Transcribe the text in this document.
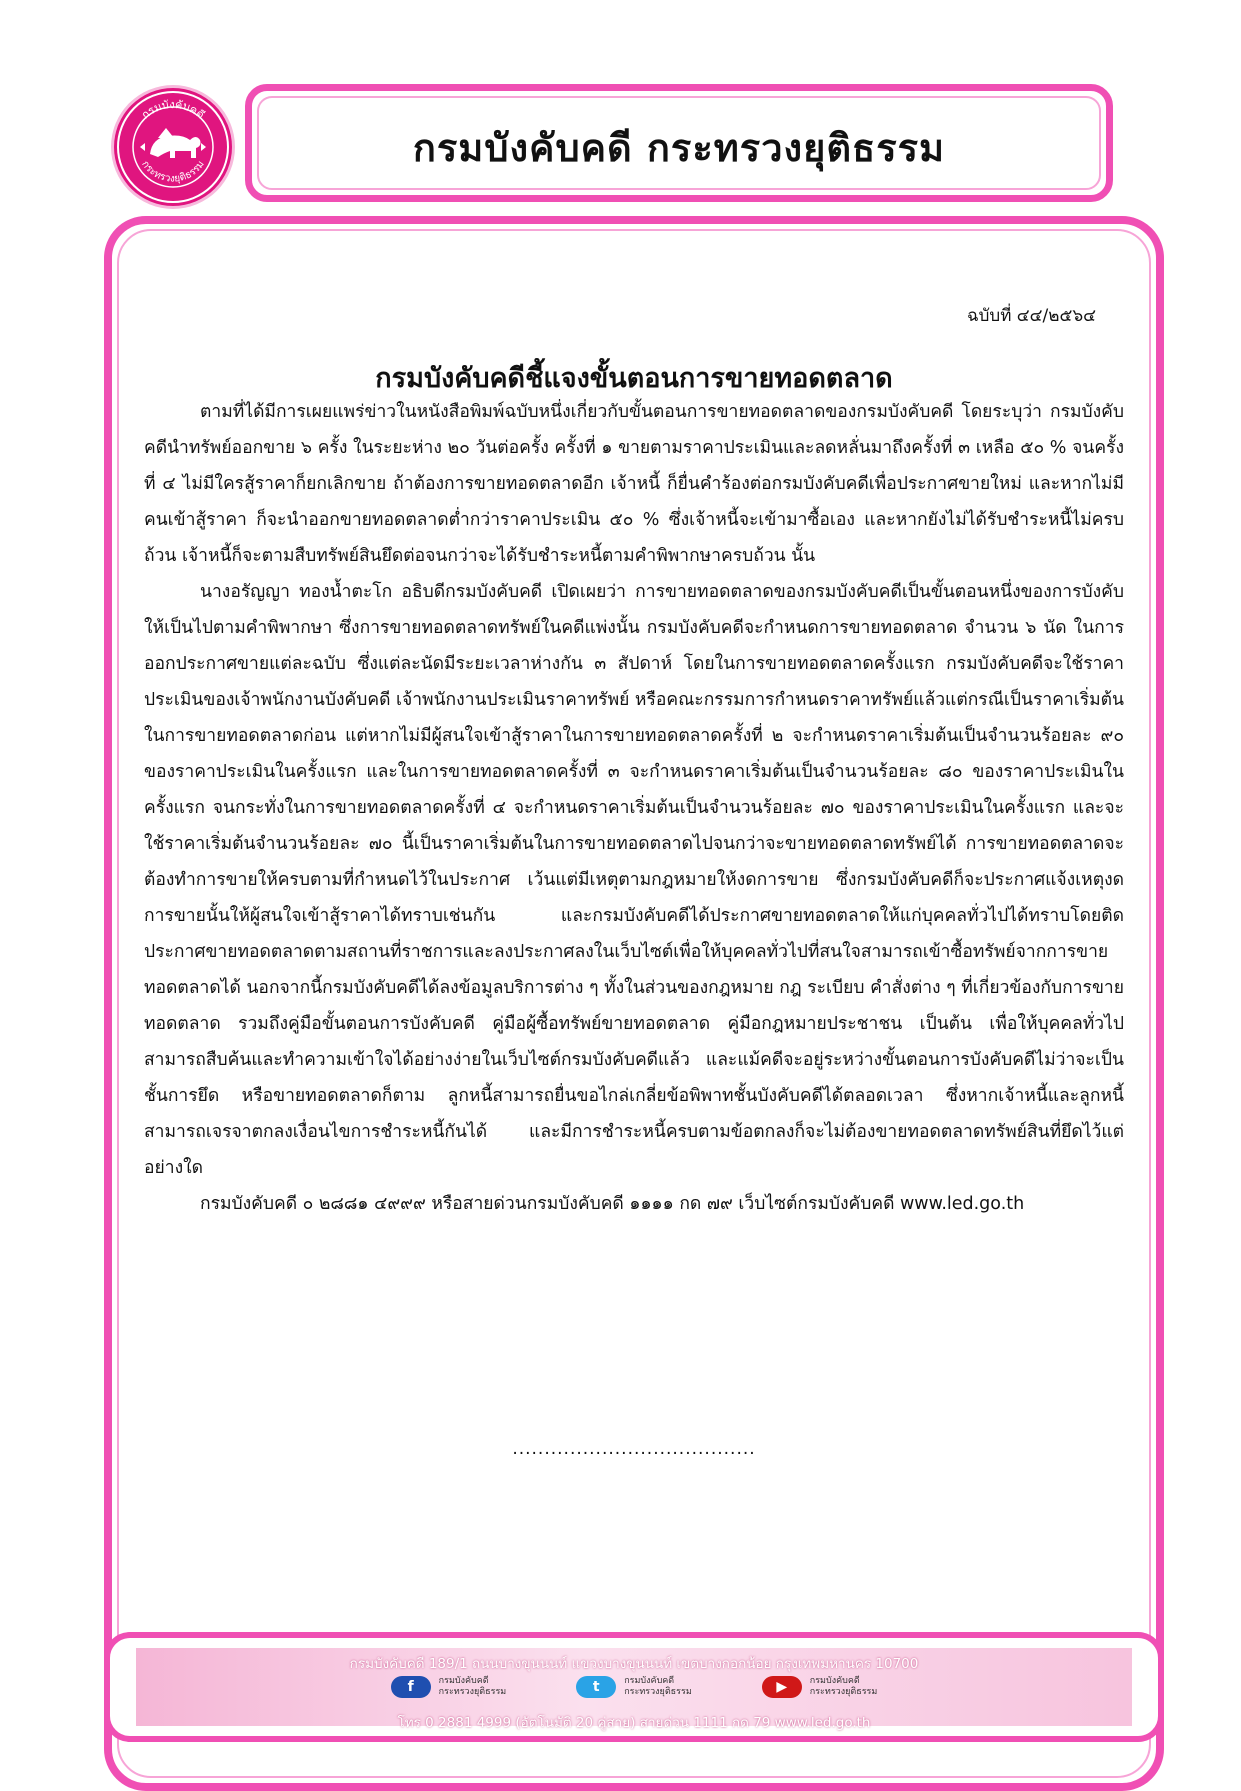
กรมบังคับคดี
กระทรวงยุติธรรม	กรมบังคับคดี กระทรวงยุติธรรม
ฉบับที่ ๔๔/๒๕๖๔
กรมบังคับคดีชี้แจงขั้นตอนการขายทอดตลาด

ตามที่ได้มีการเผยแพร่ข่าวในหนังสือพิมพ์ฉบับหนึ่งเกี่ยวกับขั้นตอนการขายทอดตลาดของกรมบังคับคดี โดยระบุว่า กรมบังคับคดีนำทรัพย์ออกขาย ๖ ครั้ง ในระยะห่าง ๒๐ วันต่อครั้ง ครั้งที่ ๑ ขายตามราคาประเมินและลดหลั่นมาถึงครั้งที่ ๓ เหลือ ๕๐ % จนครั้งที่ ๔ ไม่มีใครสู้ราคาก็ยกเลิกขาย ถ้าต้องการขายทอดตลาดอีก เจ้าหนี้ ก็ยื่นคำร้องต่อกรมบังคับคดีเพื่อประกาศขายใหม่ และหากไม่มีคนเข้าสู้ราคา ก็จะนำออกขายทอดตลาดต่ำกว่าราคาประเมิน ๕๐ % ซึ่งเจ้าหนี้จะเข้ามาซื้อเอง และหากยังไม่ได้รับชำระหนี้ไม่ครบถ้วน เจ้าหนี้ก็จะตามสืบทรัพย์สินยึดต่อจนกว่าจะได้รับชำระหนี้ตามคำพิพากษาครบถ้วน นั้น

นางอรัญญา ทองน้ำตะโก อธิบดีกรมบังคับคดี เปิดเผยว่า การขายทอดตลาดของกรมบังคับคดีเป็นขั้นตอนหนึ่งของการบังคับให้เป็นไปตามคำพิพากษา ซึ่งการขายทอดตลาดทรัพย์ในคดีแพ่งนั้น กรมบังคับคดีจะกำหนดการขายทอดตลาด จำนวน ๖ นัด ในการออกประกาศขายแต่ละฉบับ ซึ่งแต่ละนัดมีระยะเวลาห่างกัน ๓ สัปดาห์ โดยในการขายทอดตลาดครั้งแรก กรมบังคับคดีจะใช้ราคาประเมินของเจ้าพนักงานบังคับคดี เจ้าพนักงานประเมินราคาทรัพย์ หรือคณะกรรมการกำหนดราคาทรัพย์แล้วแต่กรณีเป็นราคาเริ่มต้นในการขายทอดตลาดก่อน แต่หากไม่มีผู้สนใจเข้าสู้ราคาในการขายทอดตลาดครั้งที่ ๒ จะกำหนดราคาเริ่มต้นเป็นจำนวนร้อยละ ๙๐ ของราคาประเมินในครั้งแรก และในการขายทอดตลาดครั้งที่ ๓ จะกำหนดราคาเริ่มต้นเป็นจำนวนร้อยละ ๘๐ ของราคาประเมินในครั้งแรก จนกระทั่งในการขายทอดตลาดครั้งที่ ๔ จะกำหนดราคาเริ่มต้นเป็นจำนวนร้อยละ ๗๐ ของราคาประเมินในครั้งแรก และจะใช้ราคาเริ่มต้นจำนวนร้อยละ ๗๐ นี้เป็นราคาเริ่มต้นในการขายทอดตลาดไปจนกว่าจะขายทอดตลาดทรัพย์ได้ การขายทอดตลาดจะต้องทำการขายให้ครบตามที่กำหนดไว้ในประกาศ เว้นแต่มีเหตุตามกฎหมายให้งดการขาย ซึ่งกรมบังคับคดีก็จะประกาศแจ้งเหตุงดการขายนั้นให้ผู้สนใจเข้าสู้ราคาได้ทราบเช่นกัน และกรมบังคับคดีได้ประกาศขายทอดตลาดให้แก่บุคคลทั่วไปได้ทราบโดยติดประกาศขายทอดตลาดตามสถานที่ราชการและลงประกาศลงในเว็บไซต์เพื่อให้บุคคลทั่วไปที่สนใจสามารถเข้าซื้อทรัพย์จากการขายทอดตลาดได้ นอกจากนี้กรมบังคับคดีได้ลงข้อมูลบริการต่าง ๆ ทั้งในส่วนของกฎหมาย กฎ ระเบียบ คำสั่งต่าง ๆ ที่เกี่ยวข้องกับการขายทอดตลาด รวมถึงคู่มือขั้นตอนการบังคับคดี คู่มือผู้ซื้อทรัพย์ขายทอดตลาด คู่มือกฎหมายประชาชน เป็นต้น เพื่อให้บุคคลทั่วไปสามารถสืบค้นและทำความเข้าใจได้อย่างง่ายในเว็บไซต์กรมบังคับคดีแล้ว และแม้คดีจะอยู่ระหว่างขั้นตอนการบังคับคดีไม่ว่าจะเป็นชั้นการยึด หรือขายทอดตลาดก็ตาม ลูกหนี้สามารถยื่นขอไกล่เกลี่ยข้อพิพาทชั้นบังคับคดีได้ตลอดเวลา ซึ่งหากเจ้าหนี้และลูกหนี้สามารถเจรจาตกลงเงื่อนไขการชำระหนี้กันได้ และมีการชำระหนี้ครบตามข้อตกลงก็จะไม่ต้องขายทอดตลาดทรัพย์สินที่ยึดไว้แต่อย่างใด

กรมบังคับคดี ๐ ๒๘๘๑ ๔๙๙๙ หรือสายด่วนกรมบังคับคดี ๑๑๑๑ กด ๗๙ เว็บไซต์กรมบังคับคดี www.led.go.th

......................................
กรมบังคับคดี 189/1 ถนนบางขุนนนท์ แขวงบางขุนนนท์ เขตบางกอกน้อย กรุงเทพมหานคร 10700
f	กรมบังคับคดี
กระทรวงยุติธรรม	t	กรมบังคับคดี
กระทรวงยุติธรรม	▶	กรมบังคับคดี
กระทรวงยุติธรรม
โทร 0 2881 4999 (อัตโนมัติ 20 คู่สาย) สายด่วน 1111 กด 79 www.led.go.th
